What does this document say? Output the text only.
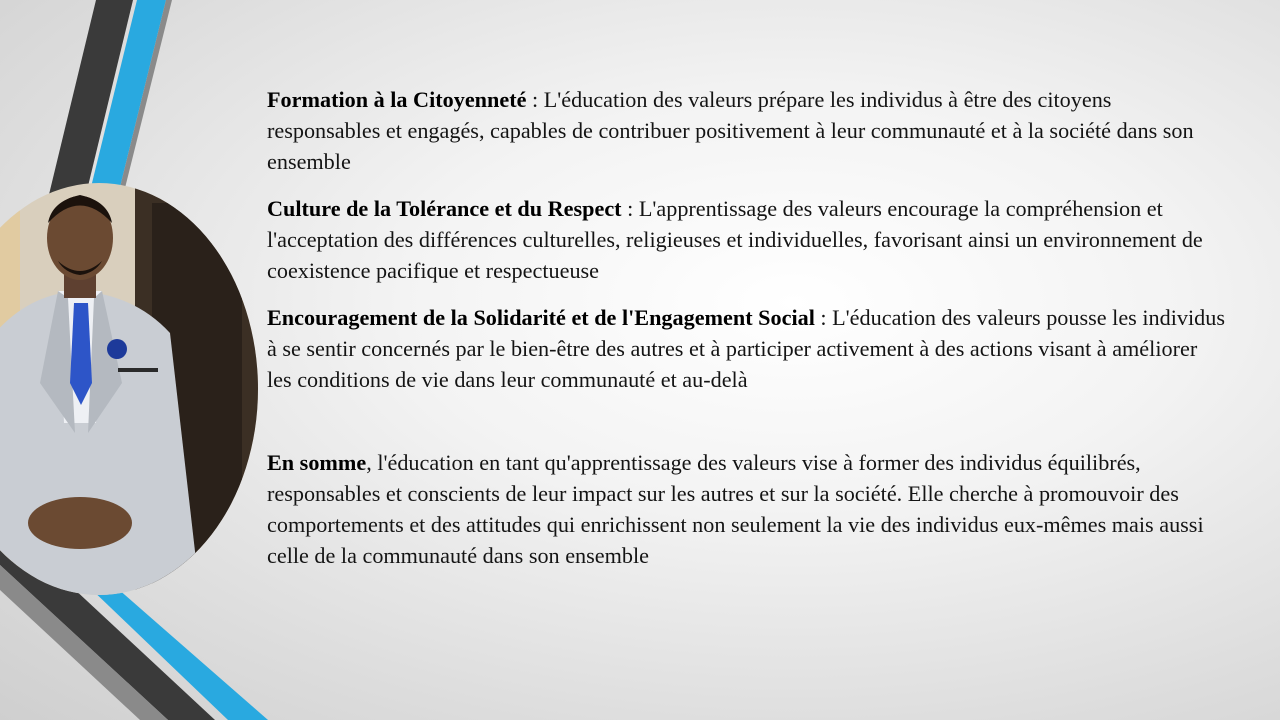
Formation à la Citoyenneté : L'éducation des valeurs prépare les individus à être des citoyens responsables et engagés, capables de contribuer positivement à leur communauté et à la société dans son ensemble

Culture de la Tolérance et du Respect : L'apprentissage des valeurs encourage la compréhension et l'acceptation des différences culturelles, religieuses et individuelles, favorisant ainsi un environnement de coexistence pacifique et respectueuse

Encouragement de la Solidarité et de l'Engagement Social : L'éducation des valeurs pousse les individus à se sentir concernés par le bien-être des autres et à participer activement à des actions visant à améliorer les conditions de vie dans leur communauté et au-delà

En somme, l'éducation en tant qu'apprentissage des valeurs vise à former des individus équilibrés, responsables et conscients de leur impact sur les autres et sur la société. Elle cherche à promouvoir des comportements et des attitudes qui enrichissent non seulement la vie des individus eux-mêmes mais aussi celle de la communauté dans son ensemble
